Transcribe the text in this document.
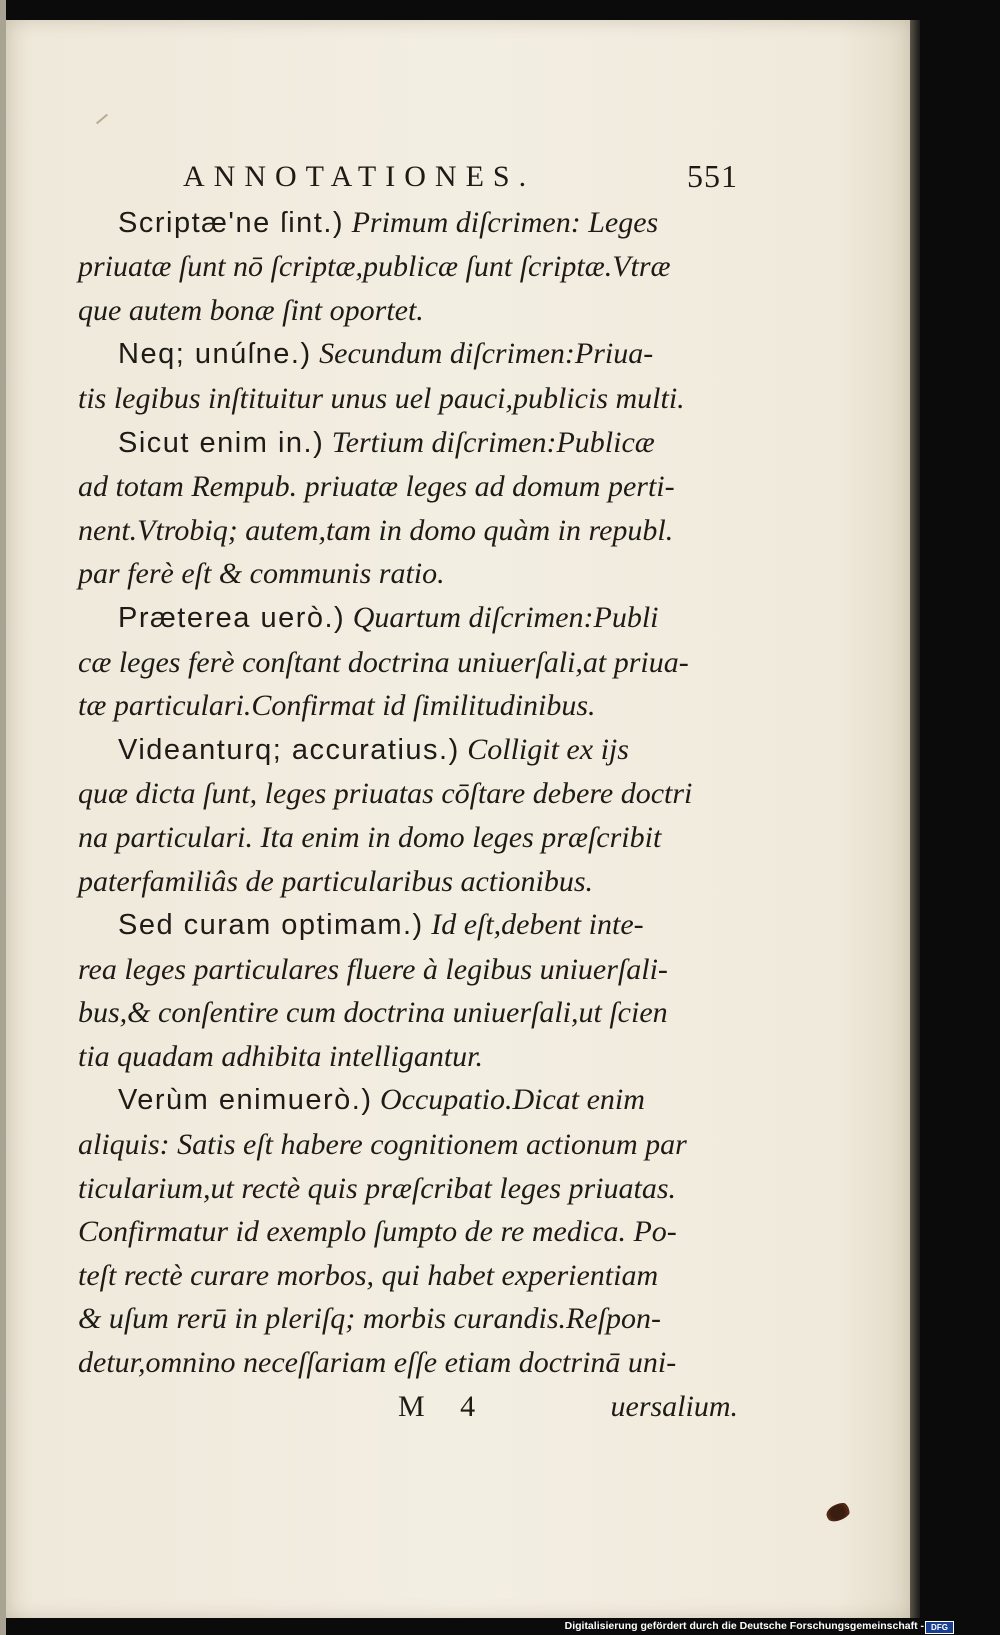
ANNOTATIONES.	551

Scriptæ'ne ſint.) Primum diſcrimen: Leges

priuatæ ſunt nō ſcriptæ,publicæ ſunt ſcriptæ.Vtræ

que autem bonæ ſint oportet.

Neq; unúſne.) Secundum diſcrimen:Priua-

tis legibus inſtituitur unus uel pauci,publicis multi.

Sicut enim in.) Tertium diſcrimen:Publicæ

ad totam Rempub. priuatæ leges ad domum perti-

nent.Vtrobiq; autem,tam in domo quàm in republ.

par ferè eſt & communis ratio.

Præterea uerò.) Quartum diſcrimen:Publi

cæ leges ferè conſtant doctrina uniuerſali,at priua-

tæ particulari.Confirmat id ſimilitudinibus.

Videanturq; accuratius.) Colligit ex ijs

quæ dicta ſunt, leges priuatas cōſtare debere doctri

na particulari. Ita enim in domo leges præſcribit

paterfamiliâs de particularibus actionibus.

Sed curam optimam.) Id eſt,debent inte-

rea leges particulares fluere à legibus uniuerſali-

bus,& conſentire cum doctrina uniuerſali,ut ſcien

tia quadam adhibita intelligantur.

Verùm enimuerò.) Occupatio.Dicat enim

aliquis: Satis eſt habere cognitionem actionum par

ticularium,ut rectè quis præſcribat leges priuatas.

Confirmatur id exemplo ſumpto de re medica. Po-

teſt rectè curare morbos, qui habet experientiam

& uſum rerū in pleriſq; morbis curandis.Reſpon-

detur,omnino neceſſariam eſſe etiam doctrinā uni-

M 4	uersalium.
Digitalisierung gefördert durch die Deutsche Forschungsgemeinschaft - DFG
